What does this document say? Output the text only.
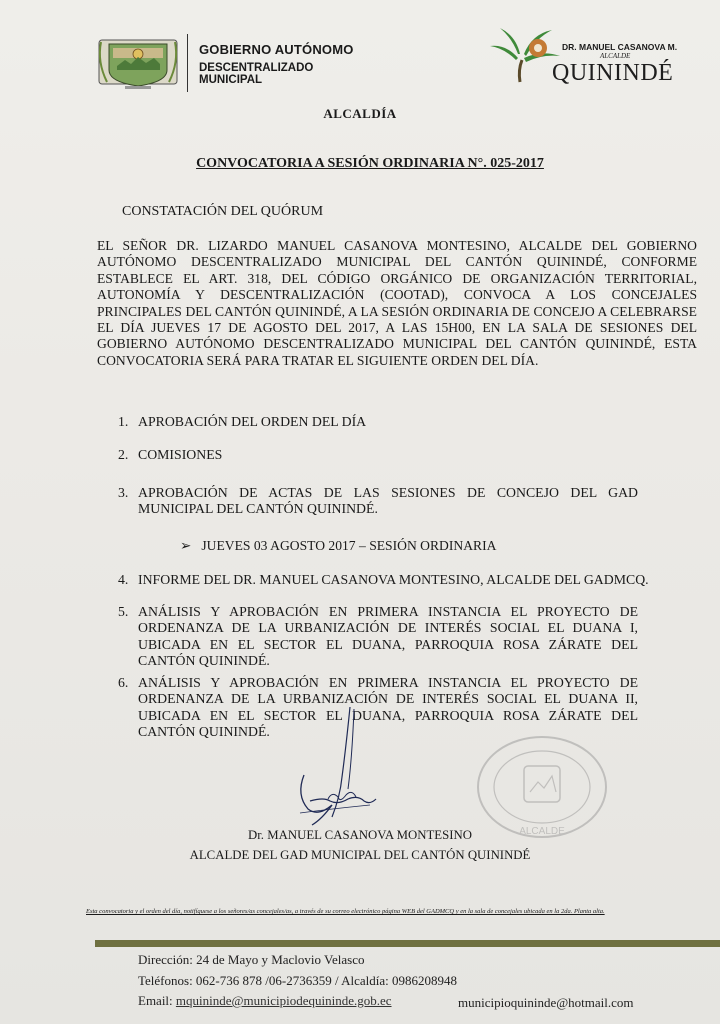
GOBIERNO AUTÓNOMO
DESCENTRALIZADO MUNICIPAL
DR. MANUEL CASANOVA M.
ALCALDE
QUININDÉ
ALCALDÍA
CONVOCATORIA A SESIÓN ORDINARIA N°. 025-2017
CONSTATACIÓN DEL QUÓRUM
EL SEÑOR DR. LIZARDO MANUEL CASANOVA MONTESINO, ALCALDE DEL GOBIERNO AUTÓNOMO DESCENTRALIZADO MUNICIPAL DEL CANTÓN QUININDÉ, CONFORME ESTABLECE EL ART. 318, DEL CÓDIGO ORGÁNICO DE ORGANIZACIÓN TERRITORIAL, AUTONOMÍA Y DESCENTRALIZACIÓN (COOTAD), CONVOCA A LOS CONCEJALES PRINCIPALES DEL CANTÓN QUININDÉ, A LA SESIÓN ORDINARIA DE CONCEJO A CELEBRARSE EL DÍA JUEVES 17 DE AGOSTO DEL 2017, A LAS 15H00, EN LA SALA DE SESIONES DEL GOBIERNO AUTÓNOMO DESCENTRALIZADO MUNICIPAL DEL CANTÓN QUININDÉ, ESTA CONVOCATORIA SERÁ PARA TRATAR EL SIGUIENTE ORDEN DEL DÍA.
1. APROBACIÓN DEL ORDEN DEL DÍA
2. COMISIONES
3. APROBACIÓN DE ACTAS DE LAS SESIONES DE CONCEJO DEL GAD MUNICIPAL DEL CANTÓN QUININDÉ.
4. INFORME DEL DR. MANUEL CASANOVA MONTESINO, ALCALDE DEL GADMCQ.
5. ANÁLISIS Y APROBACIÓN EN PRIMERA INSTANCIA EL PROYECTO DE ORDENANZA DE LA URBANIZACIÓN DE INTERÉS SOCIAL EL DUANA I, UBICADA EN EL SECTOR EL DUANA, PARROQUIA ROSA ZÁRATE DEL CANTÓN QUININDÉ.
6. ANÁLISIS Y APROBACIÓN EN PRIMERA INSTANCIA EL PROYECTO DE ORDENANZA DE LA URBANIZACIÓN DE INTERÉS SOCIAL EL DUANA II, UBICADA EN EL SECTOR EL DUANA, PARROQUIA ROSA ZÁRATE DEL CANTÓN QUININDÉ.
➢ JUEVES 03 AGOSTO 2017 – SESIÓN ORDINARIA
ALCALDE
Dr. MANUEL CASANOVA MONTESINO
ALCALDE DEL GAD MUNICIPAL DEL CANTÓN QUININDÉ
Esta convocatoria y el orden del día, notifíquese a los señores/as concejales/as, a través de su correo electrónico página WEB del GADMCQ y en la sala de concejales ubicada en la 2da. Planta alta.
Dirección: 24 de Mayo y Maclovio Velasco
Teléfonos: 062-736 878 /06-2736359 / Alcaldía: 0986208948
Email: mquininde@municipiodequininde.gob.ec	municipioquininde@hotmail.com
